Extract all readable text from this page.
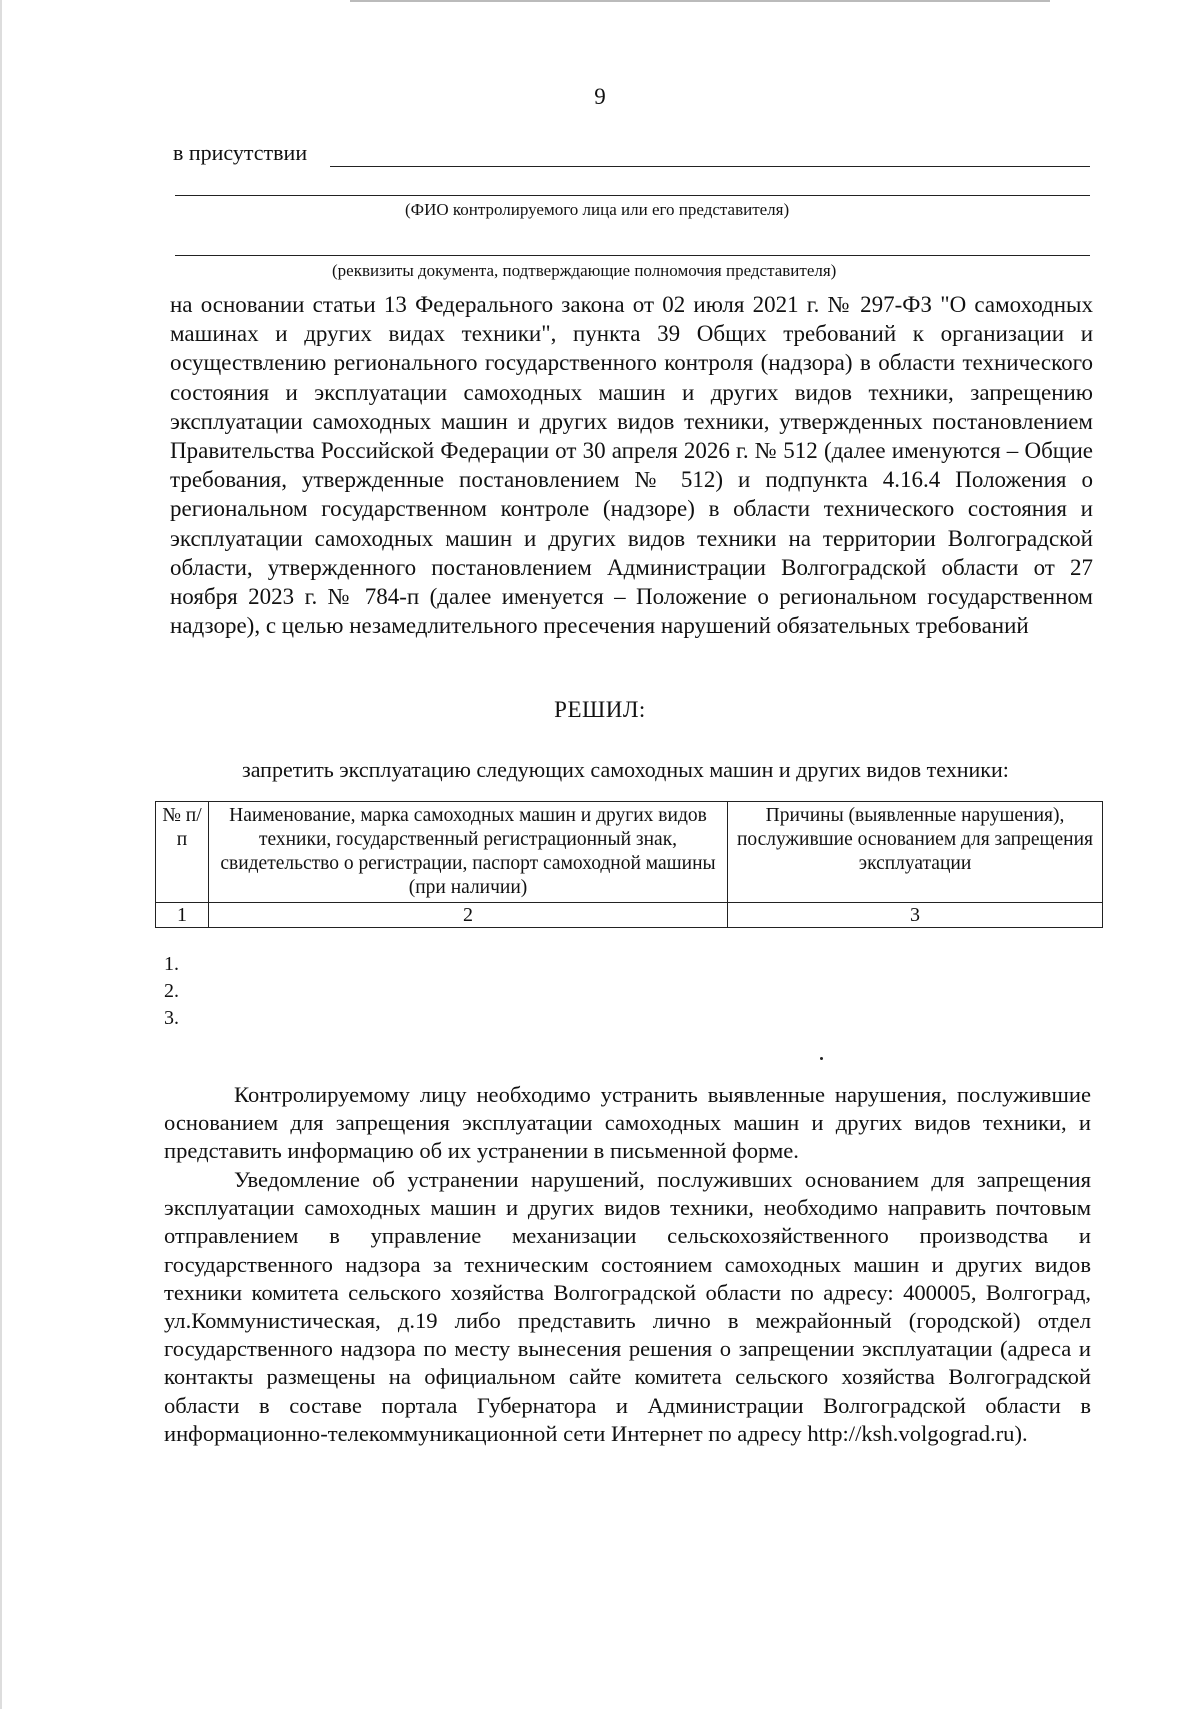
9
в присутствии
(ФИО контролируемого лица или его представителя)
(реквизиты документа, подтверждающие полномочия представителя)

на основании статьи 13 Федерального закона от 02 июля 2021 г. № 297-ФЗ "О самоходных машинах и других видах техники", пункта 39 Общих требований к организации и осуществлению регионального государственного контроля (надзора) в области технического состояния и эксплуатации самоходных машин и других видов техники, запрещению эксплуатации самоходных машин и других видов техники, утвержденных постановлением Правительства Российской Федерации от 30 апреля 2026 г. № 512 (далее именуются – Общие требования, утвержденные постановлением № 512) и подпункта 4.16.4 Положения о региональном государственном контроле (надзоре) в области технического состояния и эксплуатации самоходных машин и других видов техники на территории Волгоградской области, утвержденного постановлением Администрации Волгоградской области от 27 ноября 2023 г. № 784-п (далее именуется – Положение о региональном государственном надзоре), с целью незамедлительного пресечения нарушений обязательных требований

РЕШИЛ:
запретить эксплуатацию следующих самоходных машин и других видов техники:
№ п/п	Наименование, марка самоходных машин и других видов техники, государственный регистрационный знак, свидетельство о регистрации, паспорт самоходной машины (при наличии)	Причины (выявленные нарушения), послужившие основанием для запрещения эксплуатации
1	2	3
1.
2.
3.

Контролируемому лицу необходимо устранить выявленные нарушения, послужившие основанием для запрещения эксплуатации самоходных машин и других видов техники, и представить информацию об их устранении в письменной форме.

Уведомление об устранении нарушений, послуживших основанием для запрещения эксплуатации самоходных машин и других видов техники, необходимо направить почтовым отправлением в управление механизации сельскохозяйственного производства и государственного надзора за техническим состоянием самоходных машин и других видов техники комитета сельского хозяйства Волгоградской области по адресу: 400005, Волгоград, ул.Коммунистическая, д.19 либо представить лично в межрайонный (городской) отдел государственного надзора по месту вынесения решения о запрещении эксплуатации (адреса и контакты размещены на официальном сайте комитета сельского хозяйства Волгоградской области в составе портала Губернатора и Администрации Волгоградской области в информационно-телекоммуникационной сети Интернет по адресу http://ksh.volgograd.ru).
